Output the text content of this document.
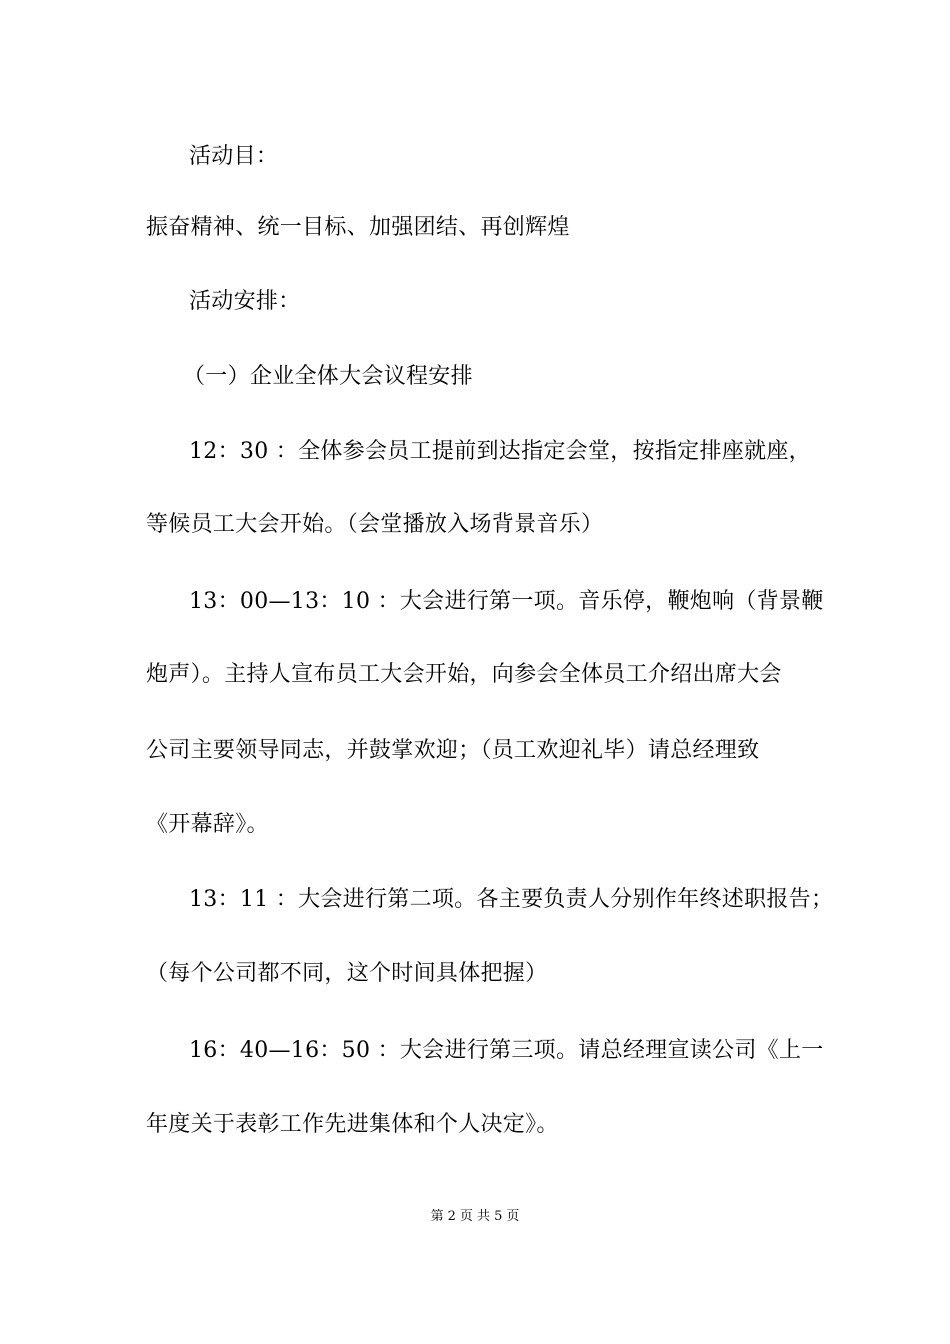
活动目：
振奋精神、统一目标、加强团结、再创辉煌
活动安排：
（一）企业全体大会议程安排
12：30 ：全体参会员工提前到达指定会堂，按指定排座就座，
等候员工大会开始。（会堂播放入场背景音乐）
13：00—13：10 ：大会进行第一项。音乐停，鞭炮响（背景鞭
炮声）。主持人宣布员工大会开始，向参会全体员工介绍出席大会
公司主要领导同志，并鼓掌欢迎；（员工欢迎礼毕）请总经理致
《开幕辞》。
13：11 ：大会进行第二项。各主要负责人分别作年终述职报告；
（每个公司都不同，这个时间具体把握）
16：40—16：50 ：大会进行第三项。请总经理宣读公司《上一
年度关于表彰工作先进集体和个人决定》。
第 2 页 共 5 页
